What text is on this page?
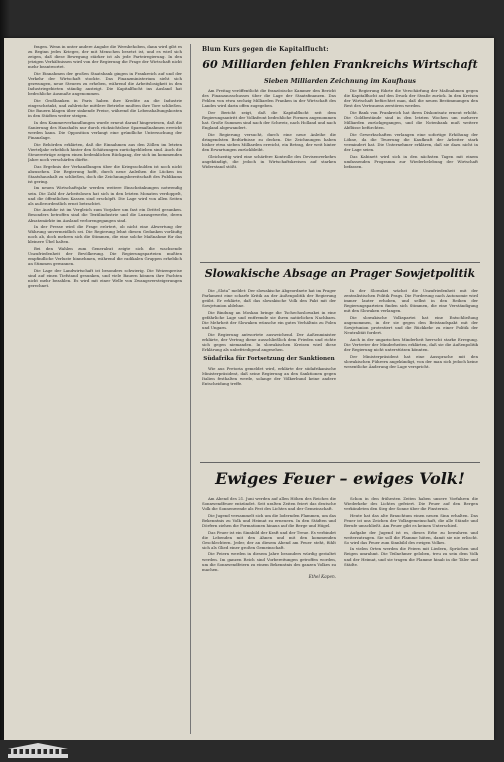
fragen. Wenn in unter andere Angabe die Wernbehoben, dann wird gibt es zu Beginn jedes Krieges, der mit Menschen besetzt ist, und es wird sich zeigen, daß diese Bewegung stärker ist als jede Parteiregierung. In den jetzigen Verhältnissen wird von der Regierung die Frage der Wirtschaft nicht mehr beantwortet.

Die Einnahmen der großen Staatsbank gingen in Frankreich auf und der Verkehr der Wirtschaft stockte. Das Finanzministerium sieht sich gezwungen, neue Steuern zu erheben, während die Arbeitslosigkeit in den Industriegebieten ständig ansteigt. Die Kapitalflucht ins Ausland hat bedrohliche Ausmaße angenommen.

Die Großbanken in Paris haben ihre Kredite an die Industrie eingeschränkt, und zahlreiche mittlere Betriebe mußten ihre Tore schließen. Die Bauern klagen über sinkende Preise, während die Lebenshaltungskosten in den Städten weiter steigen.

In den Kammerverhandlungen wurde erneut darauf hingewiesen, daß die Sanierung des Haushalts nur durch rücksichtslose Sparmaßnahmen erreicht werden kann. Die Opposition verlangt eine gründliche Untersuchung der Finanzlage.

Die Behörden erklärten, daß die Einnahmen aus den Zöllen im letzten Vierteljahr erheblich hinter den Schätzungen zurückgeblieben sind. Auch die Steuererträge zeigen einen bedenklichen Rückgang, der sich im kommenden Jahre noch verschärfen dürfte.

Das Ergebnis der Verhandlungen über die Kriegsschulden ist noch nicht abzusehen. Die Regierung hofft, durch neue Anleihen die Lücken im Staatshaushalt zu schließen, doch die Zeichnungsbereitschaft des Publikums ist gering.

Im neuen Wirtschaftsjahr werden weitere Einschränkungen notwendig sein. Die Zahl der Arbeitslosen hat sich in den letzten Monaten verdoppelt, und die öffentlichen Kassen sind erschöpft. Die Lage wird von allen Seiten als außerordentlich ernst betrachtet.

Die Ausfuhr ist im Vergleich zum Vorjahre um fast ein Drittel gesunken. Besonders betroffen sind die Textilindustrie und die Luxusgewerbe, deren Absatzmärkte im Ausland verlorengegangen sind.

In der Presse wird die Frage erörtert, ob nicht eine Abwertung der Währung unvermeidlich sei. Die Regierung lehnt diesen Gedanken vorläufig noch ab, doch mehren sich die Stimmen, die eine solche Maßnahme für das kleinere Übel halten.

Bei den Wahlen zum Generalrat zeigte sich die wachsende Unzufriedenheit der Bevölkerung. Die Regierungsparteien mußten empfindliche Verluste hinnehmen, während die radikalen Gruppen erheblich an Stimmen gewannen.

Die Lage der Landwirtschaft ist besonders schwierig. Die Weizenpreise sind auf einen Tiefstand gesunken, und viele Bauern können ihre Pachten nicht mehr bezahlen. Es wird mit einer Welle von Zwangsversteigerungen gerechnet.

Blum Kurs gegen die Kapitalflucht:
60 Milliarden fehlen Frankreichs Wirtschaft
Sieben Milliarden Zeichnung im Kaufhaus

Am Freitag veröffentlicht die französische Kammer den Bericht des Finanzausschusses über die Lage der Staatsfinanzen. Das Fehlen von etwa sechzig Milliarden Franken in der Wirtschaft des Landes wird darin offen zugegeben.

Der Bericht zeigt, daß die Kapitalflucht seit dem Regierungsantritt der Volksfront bedrohliche Formen angenommen hat. Große Summen sind nach der Schweiz, nach Holland und nach England abgewandert.

Die Regierung versucht, durch eine neue Anleihe die dringendsten Bedürfnisse zu decken. Die Zeichnungen haben bisher etwa sieben Milliarden erreicht, ein Betrag, der weit hinter den Erwartungen zurückbleibt.

Gleichzeitig wird eine schärfere Kontrolle des Devisenverkehrs angekündigt, die jedoch in Wirtschaftskreisen auf starken Widerstand stößt.

Die Regierung führte die Verschärfung der Maßnahmen gegen die Kapitalflucht auf den Druck der Straße zurück. In den Kreisen der Wirtschaft befürchtet man, daß die neuen Bestimmungen den Rest des Vertrauens zerstören werden.

Die Bank von Frankreich hat ihren Diskontsatz erneut erhöht. Die Goldbestände sind in den letzten Wochen um mehrere Milliarden zurückgegangen, und die Notenbank muß weitere Abflüsse befürchten.

Die Gewerkschaften verlangen eine sofortige Erhöhung der Löhne, da die Teuerung die Kaufkraft der Arbeiter stark vermindert hat. Die Unternehmer erklären, daß sie dazu nicht in der Lage seien.

Das Kabinett wird sich in den nächsten Tagen mit einem umfassenden Programm zur Wiederbelebung der Wirtschaft befassen.

Slowakische Absage an Prager Sowjetpolitik

Die „Slota“ meldet: Der slowakische Abgeordnete hat im Prager Parlament eine scharfe Kritik an der Außenpolitik der Regierung geübt. Er erklärte, daß das slowakische Volk den Pakt mit der Sowjetunion ablehne.

Die Bindung an Moskau bringe die Tschechoslowakei in eine gefährliche Lage und entfremde sie ihren natürlichen Nachbarn. Die Mehrheit der Slowaken wünsche ein gutes Verhältnis zu Polen und Ungarn.

Die Regierung antwortete ausweichend. Der Außenminister erklärte, der Vertrag diene ausschließlich dem Frieden und richte sich gegen niemanden. In slowakischen Kreisen wird diese Erklärung als unbefriedigend angesehen.

Südafrika für Fortsetzung der Sanktionen

Wie aus Pretoria gemeldet wird, erklärte der südafrikanische Ministerpräsident, daß seine Regierung an den Sanktionen gegen Italien festhalten werde, solange der Völkerbund keine andere Entscheidung treffe.

In der Slowakei wächst die Unzufriedenheit mit der zentralistischen Politik Prags. Die Forderung nach Autonomie wird immer lauter erhoben, und selbst in den Reihen der Regierungsparteien finden sich Stimmen, die eine Verständigung mit den Slowaken verlangen.

Die slowakische Volkspartei hat eine Entschließung angenommen, in der sie gegen den Beistandspakt mit der Sowjetunion protestiert und die Rückkehr zu einer Politik der Neutralität fordert.

Auch in der ungarischen Minderheit herrscht starke Erregung. Die Vertreter der Minderheiten erklärten, daß sie die Außenpolitik der Regierung nicht unterstützen könnten.

Der Ministerpräsident hat eine Aussprache mit den slowakischen Führern angekündigt, von der man sich jedoch keine wesentliche Änderung der Lage verspricht.

Ewiges Feuer – ewiges Volk!

Am Abend des 21. Juni werden auf allen Höhen des Reiches die Sonnwendfeuer entzündet. Seit uralten Zeiten feiert das deutsche Volk die Sonnenwende als Fest des Lichtes und der Gemeinschaft.

Die Jugend versammelt sich um die lodernden Flammen, um das Bekenntnis zu Volk und Heimat zu erneuern. In den Städten und Dörfern ziehen die Formationen hinaus auf die Berge und Hügel.

Das Feuer ist ein Sinnbild der Kraft und der Treue. Es verbindet die Lebenden mit den Ahnen und mit den kommenden Geschlechtern. Jeder, der an diesem Abend am Feuer steht, fühlt sich als Glied einer großen Gemeinschaft.

Die Feiern werden in diesem Jahre besonders würdig gestaltet werden. Im ganzen Reich sind Vorbereitungen getroffen worden, um die Sonnwendfeiern zu einem Bekenntnis des ganzen Volkes zu machen.

Ethel Kapen.

Schon in den frühesten Zeiten haben unsere Vorfahren die Wiederkehr des Lichtes gefeiert. Die Feuer auf den Bergen verkündeten den Sieg der Sonne über die Finsternis.

Heute hat das alte Brauchtum einen neuen Sinn erhalten. Das Feuer ist uns Zeichen der Volksgemeinschaft, die alle Stände und Berufe umschließt. Am Feuer gibt es keinen Unterschied.

Aufgabe der Jugend ist es, dieses Erbe zu bewahren und weiterzutragen. Sie soll die Flamme hüten, damit sie nie erlischt. So wird das Feuer zum Sinnbild des ewigen Volkes.

In vielen Orten werden die Feiern mit Liedern, Sprüchen und Reigen umrahmt. Die Teilnehmer geloben, treu zu sein dem Volk und der Heimat, und sie tragen die Flamme hinab in die Täler und Städte.
